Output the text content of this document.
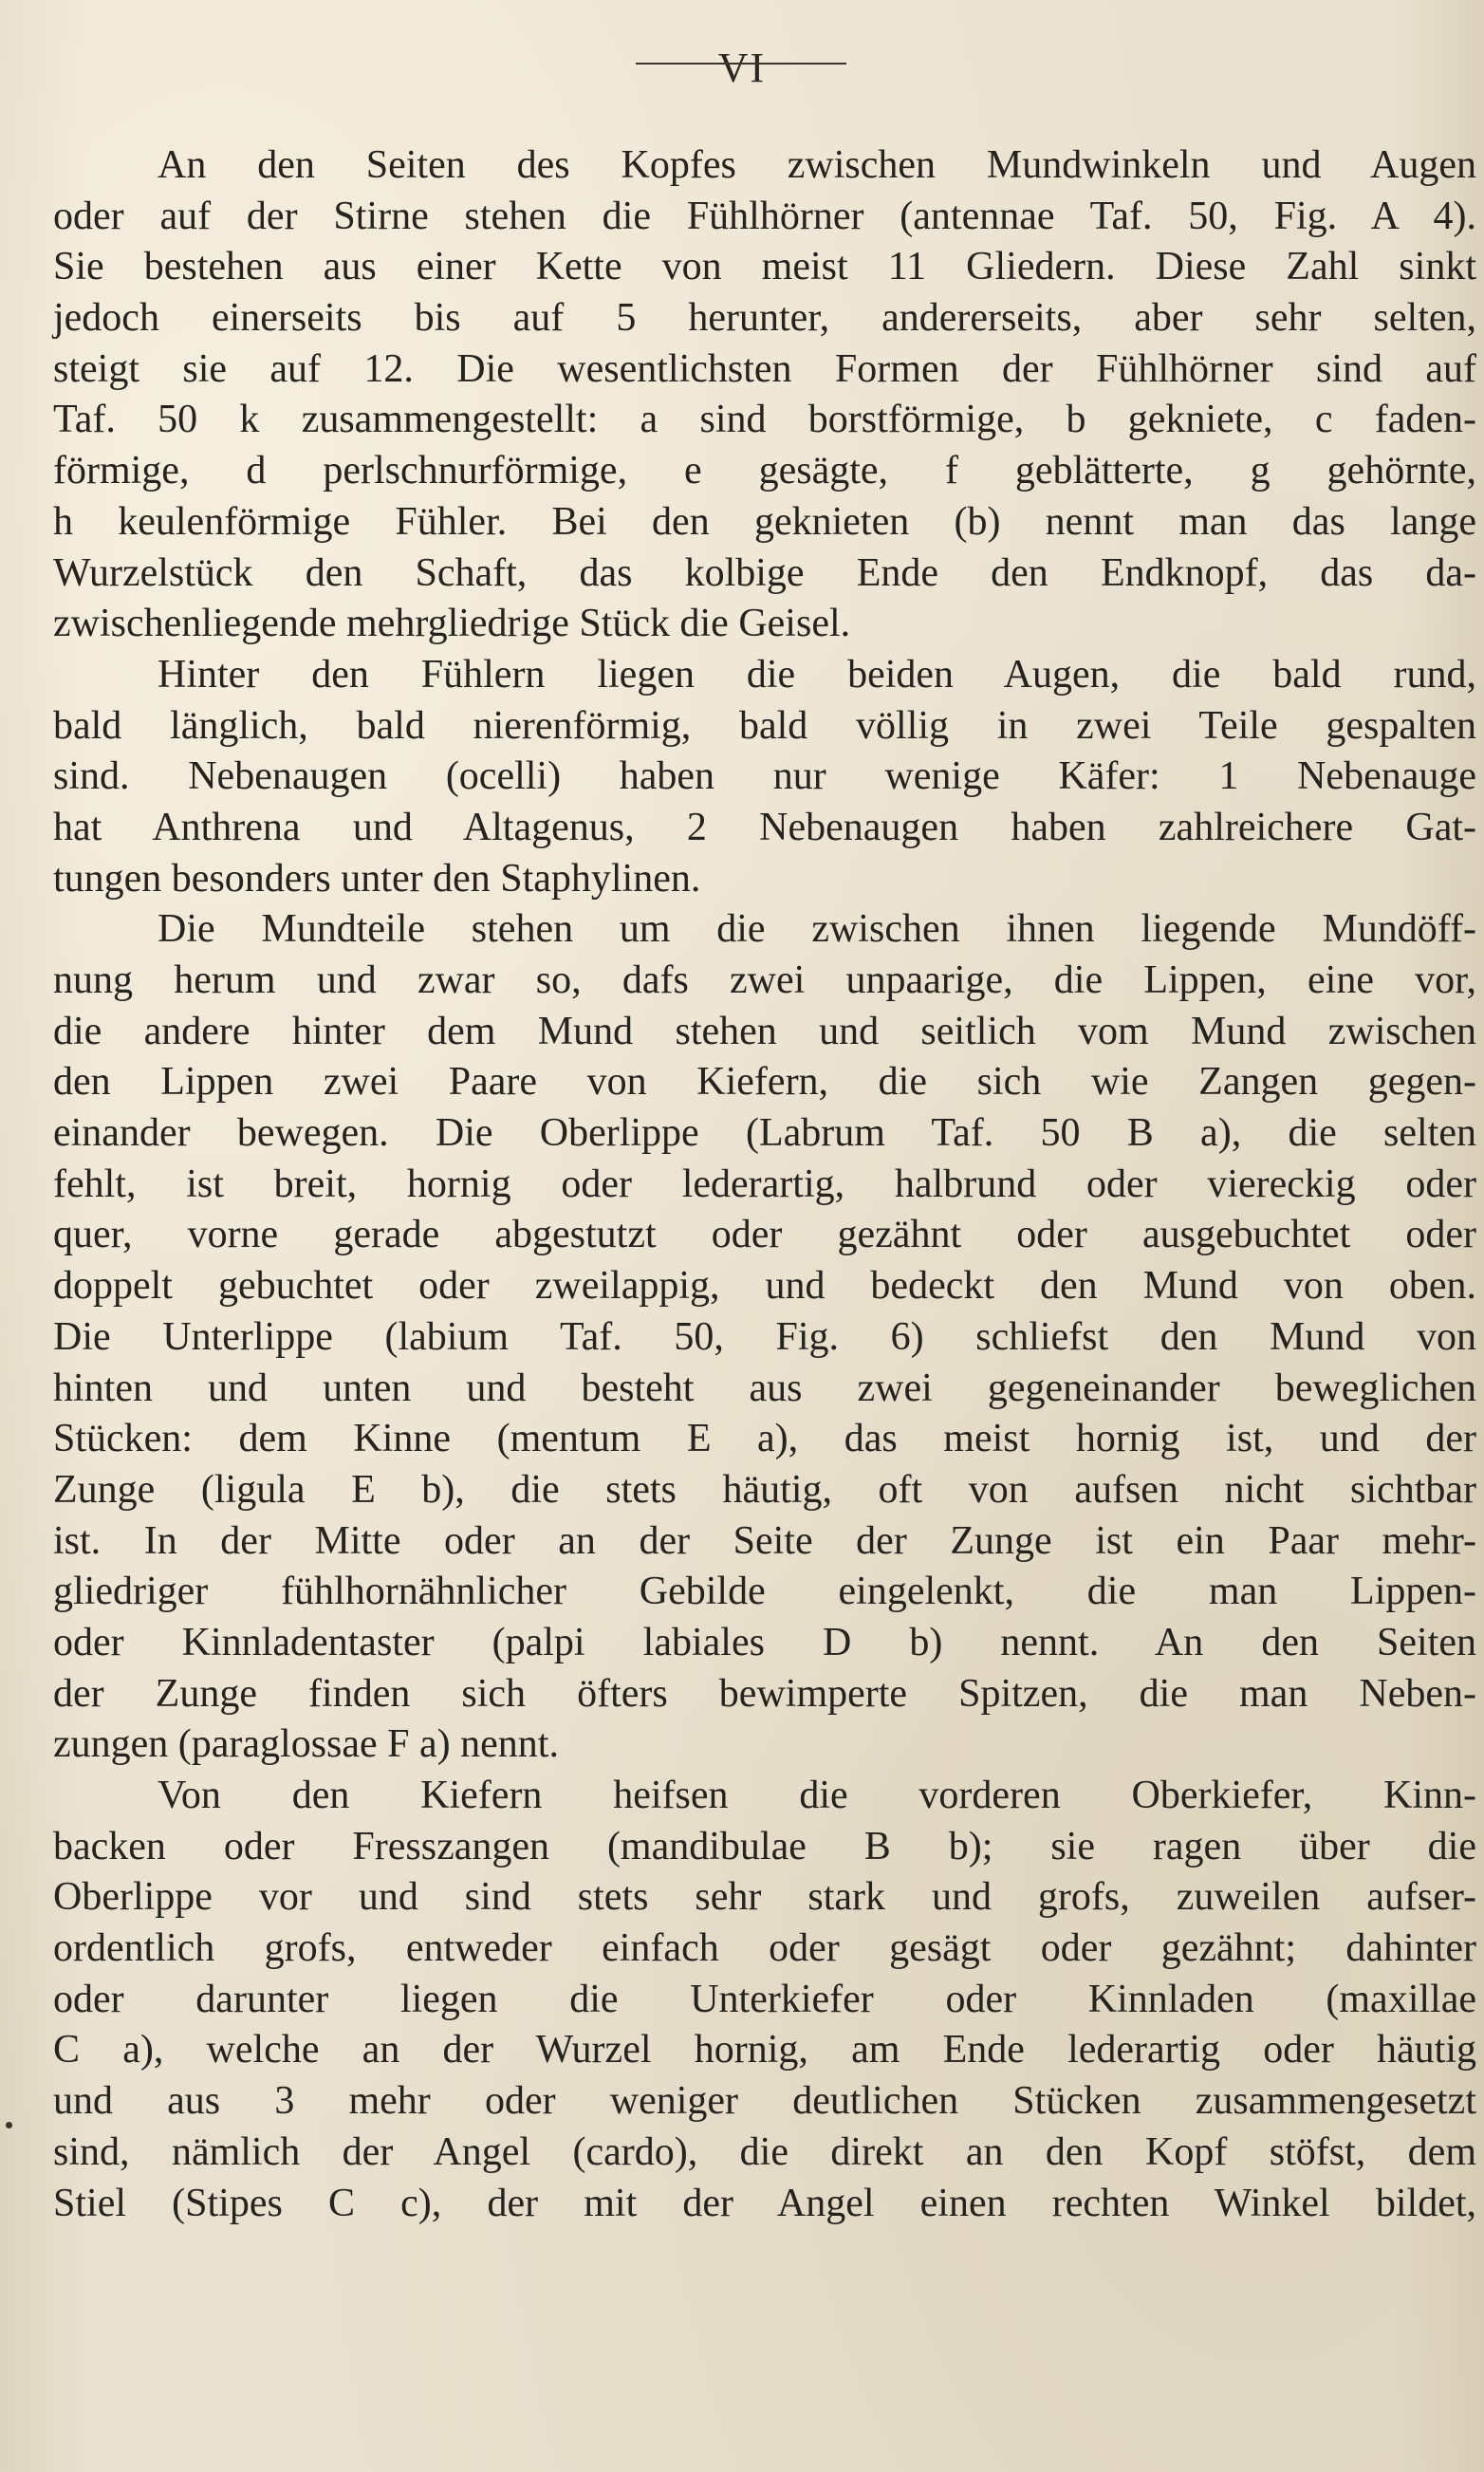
VI
An den Seiten des Kopfes zwischen Mundwinkeln und Augen
oder auf der Stirne stehen die Fühlhörner (antennae Taf. 50, Fig. A 4).
Sie bestehen aus einer Kette von meist 11 Gliedern. Diese Zahl sinkt
jedoch einerseits bis auf 5 herunter, andererseits, aber sehr selten,
steigt sie auf 12. Die wesentlichsten Formen der Fühlhörner sind auf
Taf. 50 k zusammengestellt: a sind borstförmige, b gekniete, c faden-
förmige, d perlschnurförmige, e gesägte, f geblätterte, g gehörnte,
h keulenförmige Fühler. Bei den geknieten (b) nennt man das lange
Wurzelstück den Schaft, das kolbige Ende den Endknopf, das da-
zwischenliegende mehrgliedrige Stück die Geisel.
Hinter den Fühlern liegen die beiden Augen, die bald rund,
bald länglich, bald nierenförmig, bald völlig in zwei Teile gespalten
sind. Nebenaugen (ocelli) haben nur wenige Käfer: 1 Nebenauge
hat Anthrena und Altagenus, 2 Nebenaugen haben zahlreichere Gat-
tungen besonders unter den Staphylinen.
Die Mundteile stehen um die zwischen ihnen liegende Mundöff-
nung herum und zwar so, dafs zwei unpaarige, die Lippen, eine vor,
die andere hinter dem Mund stehen und seitlich vom Mund zwischen
den Lippen zwei Paare von Kiefern, die sich wie Zangen gegen-
einander bewegen. Die Oberlippe (Labrum Taf. 50 B a), die selten
fehlt, ist breit, hornig oder lederartig, halbrund oder viereckig oder
quer, vorne gerade abgestutzt oder gezähnt oder ausgebuchtet oder
doppelt gebuchtet oder zweilappig, und bedeckt den Mund von oben.
Die Unterlippe (labium Taf. 50, Fig. 6) schliefst den Mund von
hinten und unten und besteht aus zwei gegeneinander beweglichen
Stücken: dem Kinne (mentum E a), das meist hornig ist, und der
Zunge (ligula E b), die stets häutig, oft von aufsen nicht sichtbar
ist. In der Mitte oder an der Seite der Zunge ist ein Paar mehr-
gliedriger fühlhornähnlicher Gebilde eingelenkt, die man Lippen-
oder Kinnladentaster (palpi labiales D b) nennt. An den Seiten
der Zunge finden sich öfters bewimperte Spitzen, die man Neben-
zungen (paraglossae F a) nennt.
Von den Kiefern heifsen die vorderen Oberkiefer, Kinn-
backen oder Fresszangen (mandibulae B b); sie ragen über die
Oberlippe vor und sind stets sehr stark und grofs, zuweilen aufser-
ordentlich grofs, entweder einfach oder gesägt oder gezähnt; dahinter
oder darunter liegen die Unterkiefer oder Kinnladen (maxillae
C a), welche an der Wurzel hornig, am Ende lederartig oder häutig
und aus 3 mehr oder weniger deutlichen Stücken zusammengesetzt
sind, nämlich der Angel (cardo), die direkt an den Kopf stöfst, dem
Stiel (Stipes C c), der mit der Angel einen rechten Winkel bildet,
